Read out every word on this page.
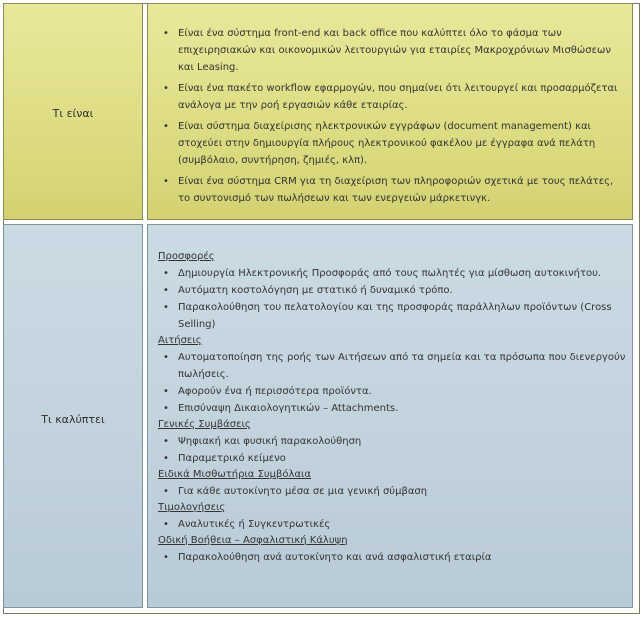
Τι είναι
• Είναι ένα σύστημα front-end και back office που καλύπτει όλο το φάσμα των επιχειρησιακών και οικονομικών λειτουργιών για εταιρίες Μακροχρόνιων Μισθώσεων και Leasing.
• Είναι ένα πακέτο workflow εφαρμογών, που σημαίνει ότι λειτουργεί και προσαρμόζεται ανάλογα με την ροή εργασιών κάθε εταιρίας.
• Είναι σύστημα διαχείρισης ηλεκτρονικών εγγράφων (document management) και στοχεύει στην δημιουργία πλήρους ηλεκτρονικού φακέλου με έγγραφα ανά πελάτη (συμβόλαιο, συντήρηση, ζημιές, κλπ).
• Είναι ένα σύστημα CRM για τη διαχείριση των πληροφοριών σχετικά με τους πελάτες, το συντονισμό των πωλήσεων και των ενεργειών μάρκετινγκ.
Τι καλύπτει
Προσφορές
• Δημιουργία Ηλεκτρονικής Προσφοράς από τους πωλητές για μίσθωση αυτοκινήτου.
• Αυτόματη κοστολόγηση με στατικό ή δυναμικό τρόπο.
• Παρακολούθηση του πελατολογίου και της προσφοράς παράλληλων προϊόντων (Cross Selling)
Αιτήσεις
• Αυτοματοποίηση της ροής των Αιτήσεων από τα σημεία και τα πρόσωπα που διενεργούν πωλήσεις.
• Αφορούν ένα ή περισσότερα προϊόντα.
• Επισύναψη Δικαιολογητικών – Attachments.
Γενικές Συμβάσεις
• Ψηφιακή και φυσική παρακολούθηση
• Παραμετρικό κείμενο
Ειδικά Μισθωτήρια Συμβόλαια
• Για κάθε αυτοκίνητο μέσα σε μια γενική σύμβαση
Τιμολογήσεις
• Αναλυτικές ή Συγκεντρωτικές
Οδική Βοήθεια – Ασφαλιστική Κάλυψη
• Παρακολούθηση ανά αυτοκίνητο και ανά ασφαλιστική εταιρία
